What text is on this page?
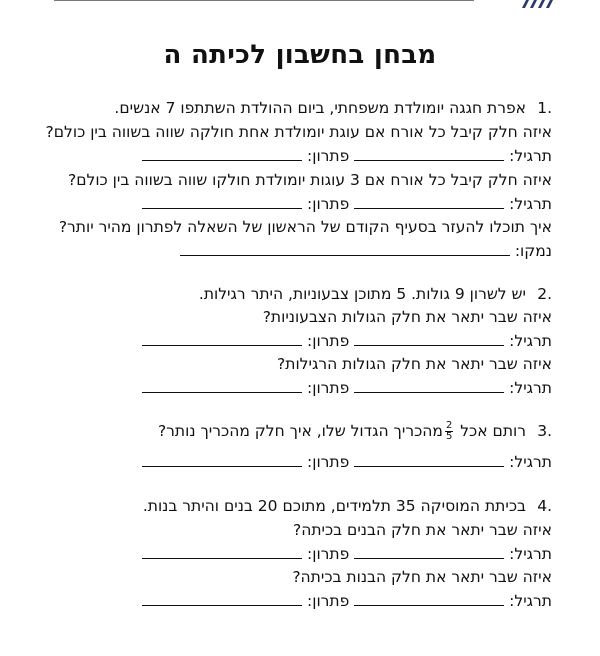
מבחן בחשבון לכיתה ה
.1אפרת חגגה יומולדת משפחתי, ביום ההולדת השתתפו 7 אנשים.
איזה חלק קיבל כל אורח אם עוגת יומולדת אחת חולקה שווה בשווה בין כולם?
תרגיל:  פתרון:
איזה חלק קיבל כל אורח אם 3 עוגות יומולדת חולקו שווה בשווה בין כולם?
תרגיל:  פתרון:
איך תוכלו להעזר בסעיף הקודם של הראשון של השאלה לפתרון מהיר יותר?
נמקו:
.2יש לשרון 9 גולות. 5 מתוכן צבעוניות, היתר רגילות.
איזה שבר יתאר את חלק הגולות הצבעוניות?
תרגיל:  פתרון:
איזה שבר יתאר את חלק הגולות הרגילות?
תרגיל:  פתרון:
.3רותם אכל
$\frac{2}{5}$
מהכריך הגדול שלו, איך חלק מהכריך נותר?
תרגיל:  פתרון:
.4בכיתת המוסיקה 35 תלמידים, מתוכם 20 בנים והיתר בנות.
איזה שבר יתאר את חלק הבנים בכיתה?
תרגיל:  פתרון:
איזה שבר יתאר את חלק הבנות בכיתה?
תרגיל:  פתרון:
